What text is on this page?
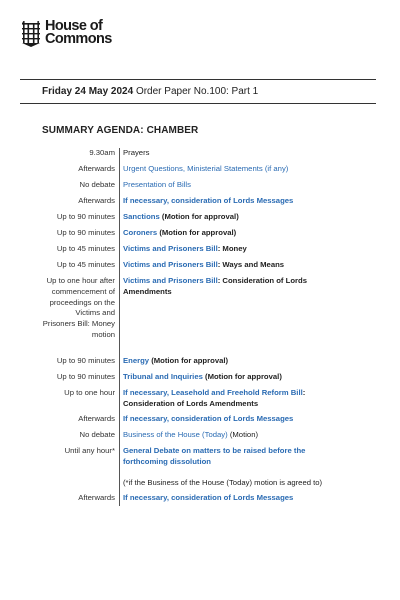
House of
Commons
Friday 24 May 2024 Order Paper No.100: Part 1
SUMMARY AGENDA: CHAMBER
9.30am Prayers
Afterwards Urgent Questions, Ministerial Statements (if any)
No debate Presentation of Bills
Afterwards If necessary, consideration of Lords Messages
Up to 90 minutes Sanctions (Motion for approval)
Up to 90 minutes Coroners (Motion for approval)
Up to 45 minutes Victims and Prisoners Bill: Money
Up to 45 minutes Victims and Prisoners Bill: Ways and Means
Up to one hour after commencement of proceedings on the Victims and Prisoners Bill: Money motion
Victims and Prisoners Bill: Consideration of Lords Amendments
Up to 90 minutes Energy (Motion for approval)
Up to 90 minutes Tribunal and Inquiries (Motion for approval)
Up to one hour If necessary, Leasehold and Freehold Reform Bill: Consideration of Lords Amendments
Afterwards If necessary, consideration of Lords Messages
No debate Business of the House (Today) (Motion)
Until any hour* General Debate on matters to be raised before the forthcoming dissolution
(*if the Business of the House (Today) motion is agreed to)
Afterwards If necessary, consideration of Lords Messages
